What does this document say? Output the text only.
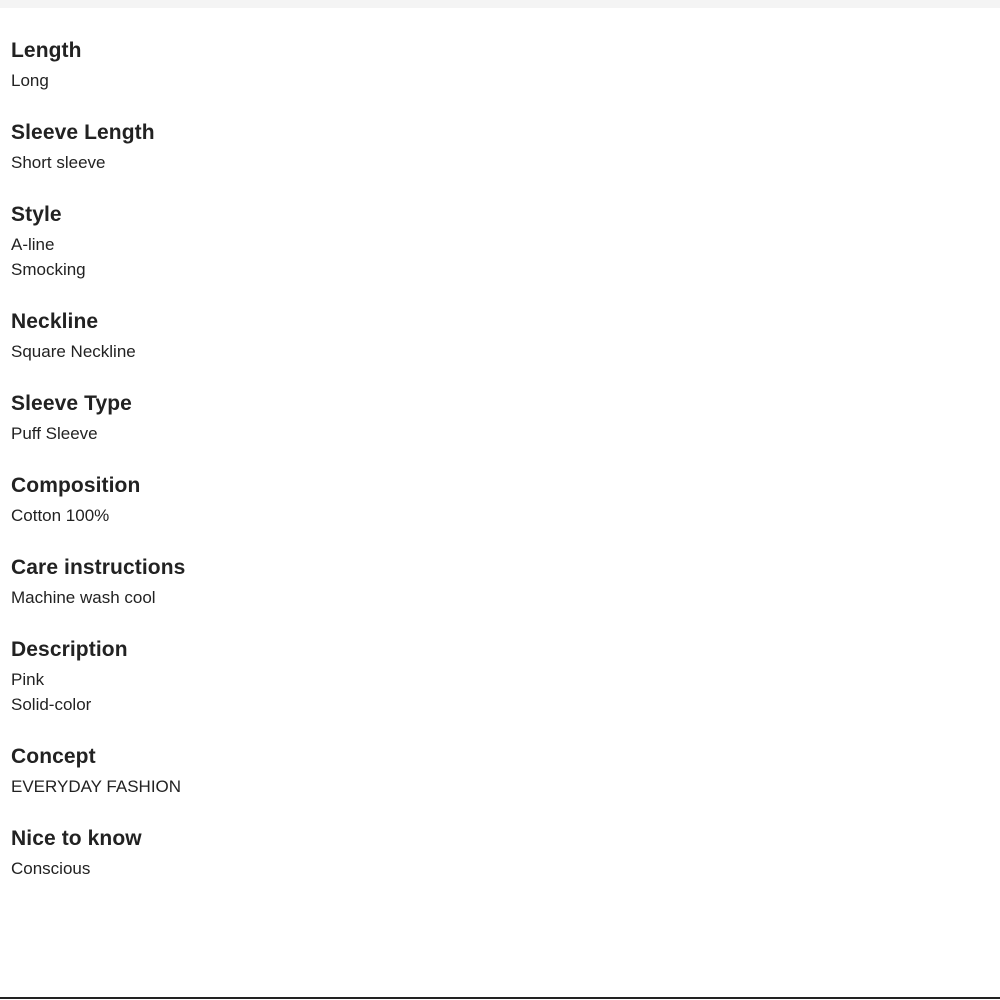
Length
Long
Sleeve Length
Short sleeve
Style
A-line
Smocking
Neckline
Square Neckline
Sleeve Type
Puff Sleeve
Composition
Cotton 100%
Care instructions
Machine wash cool
Description
Pink
Solid-color
Concept
EVERYDAY FASHION
Nice to know
Conscious
